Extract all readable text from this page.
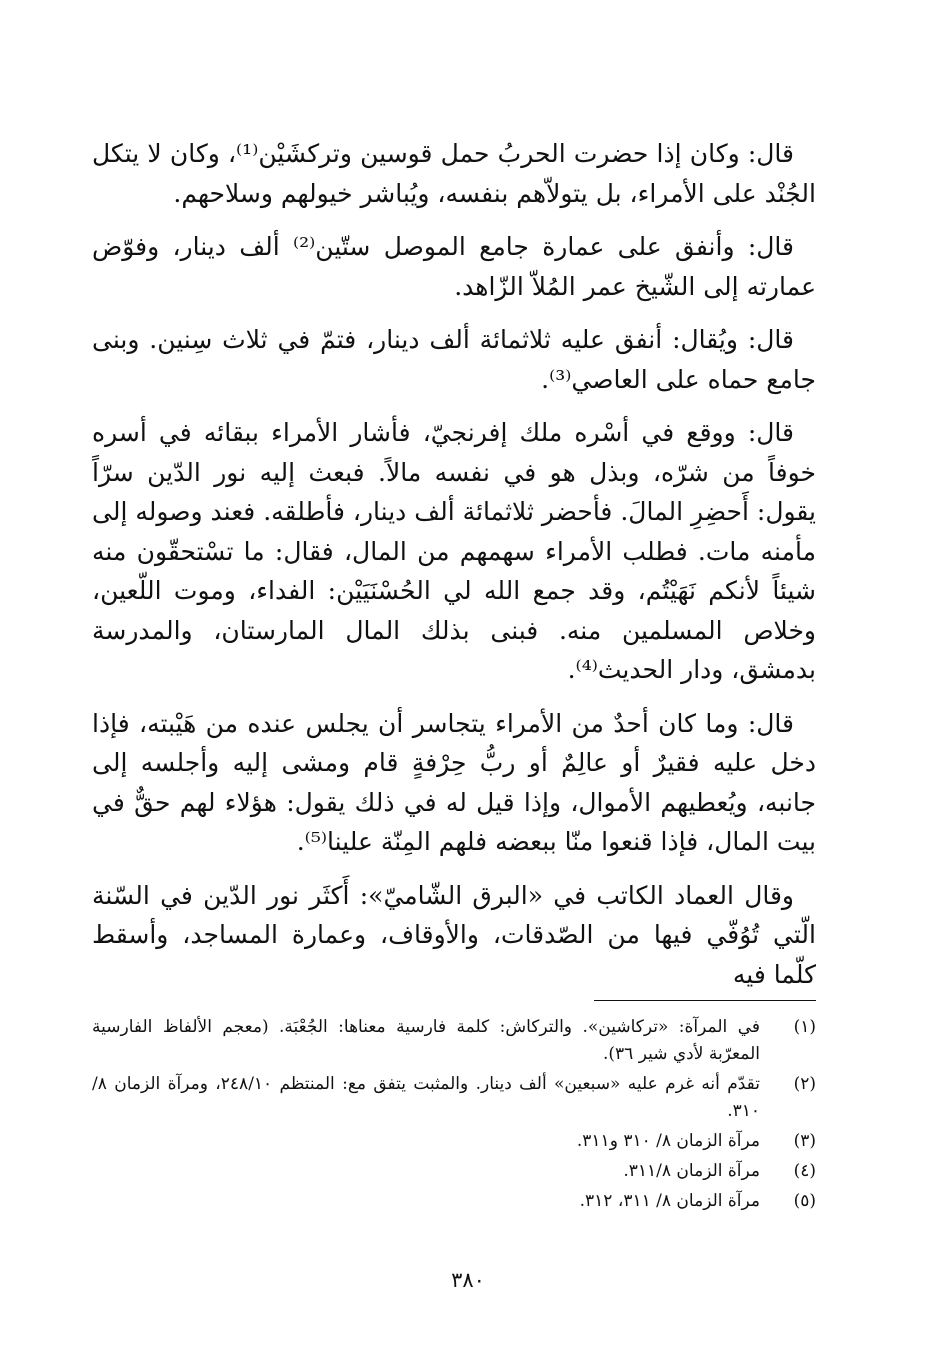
قال: وكان إذا حضرت الحربُ حمل قوسين وتركشَيْن⁽¹⁾، وكان لا يتكل الجُنْد على الأمراء، بل يتولاّهم بنفسه، ويُباشر خيولهم وسلاحهم.

قال: وأنفق على عمارة جامع الموصل ستّين⁽²⁾ ألف دينار، وفوّض عمارته إلى الشّيخ عمر المُلاّ الزّاهد.

قال: ويُقال: أنفق عليه ثلاثمائة ألف دينار، فتمّ في ثلاث سِنين. وبنى جامع حماه على العاصي⁽³⁾.

قال: ووقع في أسْره ملك إفرنجيّ، فأشار الأمراء ببقائه في أسره خوفاً من شرّه، وبذل هو في نفسه مالاً. فبعث إليه نور الدّين سرّاً يقول: أَحضِرِ المالَ. فأحضر ثلاثمائة ألف دينار، فأطلقه. فعند وصوله إلى مأمنه مات. فطلب الأمراء سهمهم من المال، فقال: ما تسْتحقّون منه شيئاً لأنكم نَهَيْتُم، وقد جمع الله لي الحُسْنَيَيْن: الفداء، وموت اللّعين، وخلاص المسلمين منه. فبنى بذلك المال المارستان، والمدرسة بدمشق، ودار الحديث⁽⁴⁾.

قال: وما كان أحدٌ من الأمراء يتجاسر أن يجلس عنده من هَيْبته، فإذا دخل عليه فقيرٌ أو عالِمٌ أو ربُّ حِرْفةٍ قام ومشى إليه وأجلسه إلى جانبه، ويُعطيهم الأموال، وإذا قيل له في ذلك يقول: هؤلاء لهم حقٌّ في بيت المال، فإذا قنعوا منّا ببعضه فلهم المِنّة علينا⁽⁵⁾.

وقال العماد الكاتب في «البرق الشّاميّ»: أَكثَر نور الدّين في السّنة الّتي تُوُفّي فيها من الصّدقات، والأوقاف، وعمارة المساجد، وأسقط كلّما فيه

(١)
في المرآة: «تركاشين». والتركاش: كلمة فارسية معناها: الجُعْبَة. (معجم الألفاظ الفارسية المعرّبة لأدي شير ٣٦).
(٢)
تقدّم أنه غرم عليه «سبعين» ألف دينار. والمثبت يتفق مع: المنتظم ٢٤٨/١٠، ومرآة الزمان ٨/ ٣١٠.
(٣)
مرآة الزمان ٨/ ٣١٠ و٣١١.
(٤)
مرآة الزمان ٣١١/٨.
(٥)
مرآة الزمان ٨/ ٣١١، ٣١٢.
٣٨٠
